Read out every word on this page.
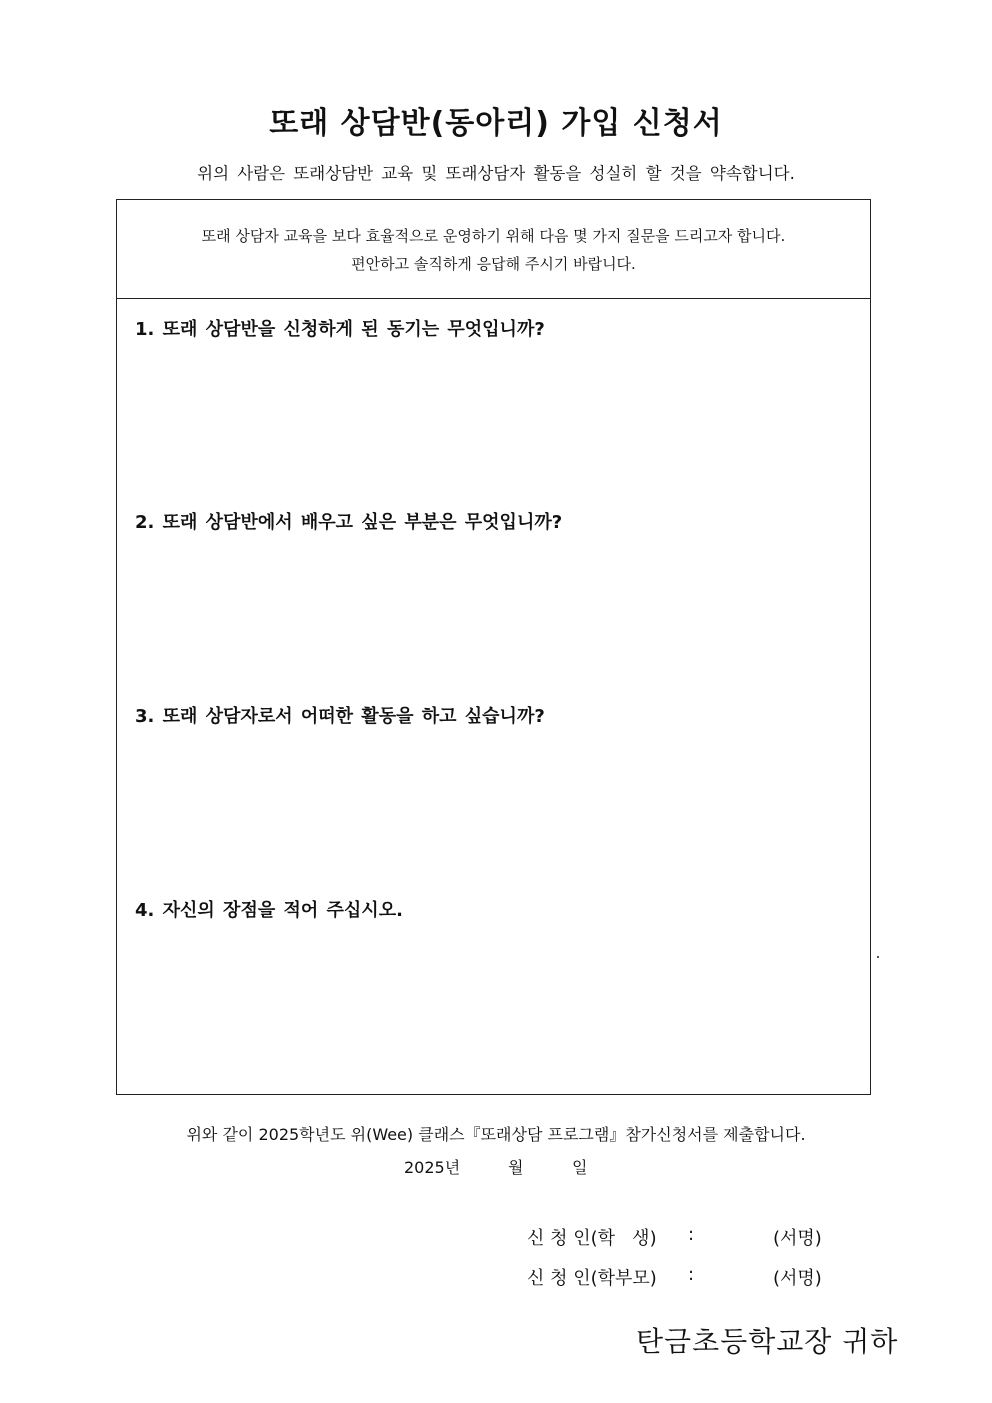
또래 상담반(동아리) 가입 신청서
위의 사람은 또래상담반 교육 및 또래상담자 활동을 성실히 할 것을 약속합니다.
또래 상담자 교육을 보다 효율적으로 운영하기 위해 다음 몇 가지 질문을 드리고자 합니다.
편안하고 솔직하게 응답해 주시기 바랍니다.
1. 또래 상담반을 신청하게 된 동기는 무엇입니까?
2. 또래 상담반에서 배우고 싶은 부분은 무엇입니까?
3. 또래 상담자로서 어떠한 활동을 하고 싶습니까?
4. 자신의 장점을 적어 주십시오.
위와 같이 2025학년도 위(Wee) 클래스『또래상담 프로그램』참가신청서를 제출합니다.
2025년	월	일
신 청 인(학   생) :	(서명)
신 청 인(학부모) :	(서명)
탄금초등학교장 귀하
